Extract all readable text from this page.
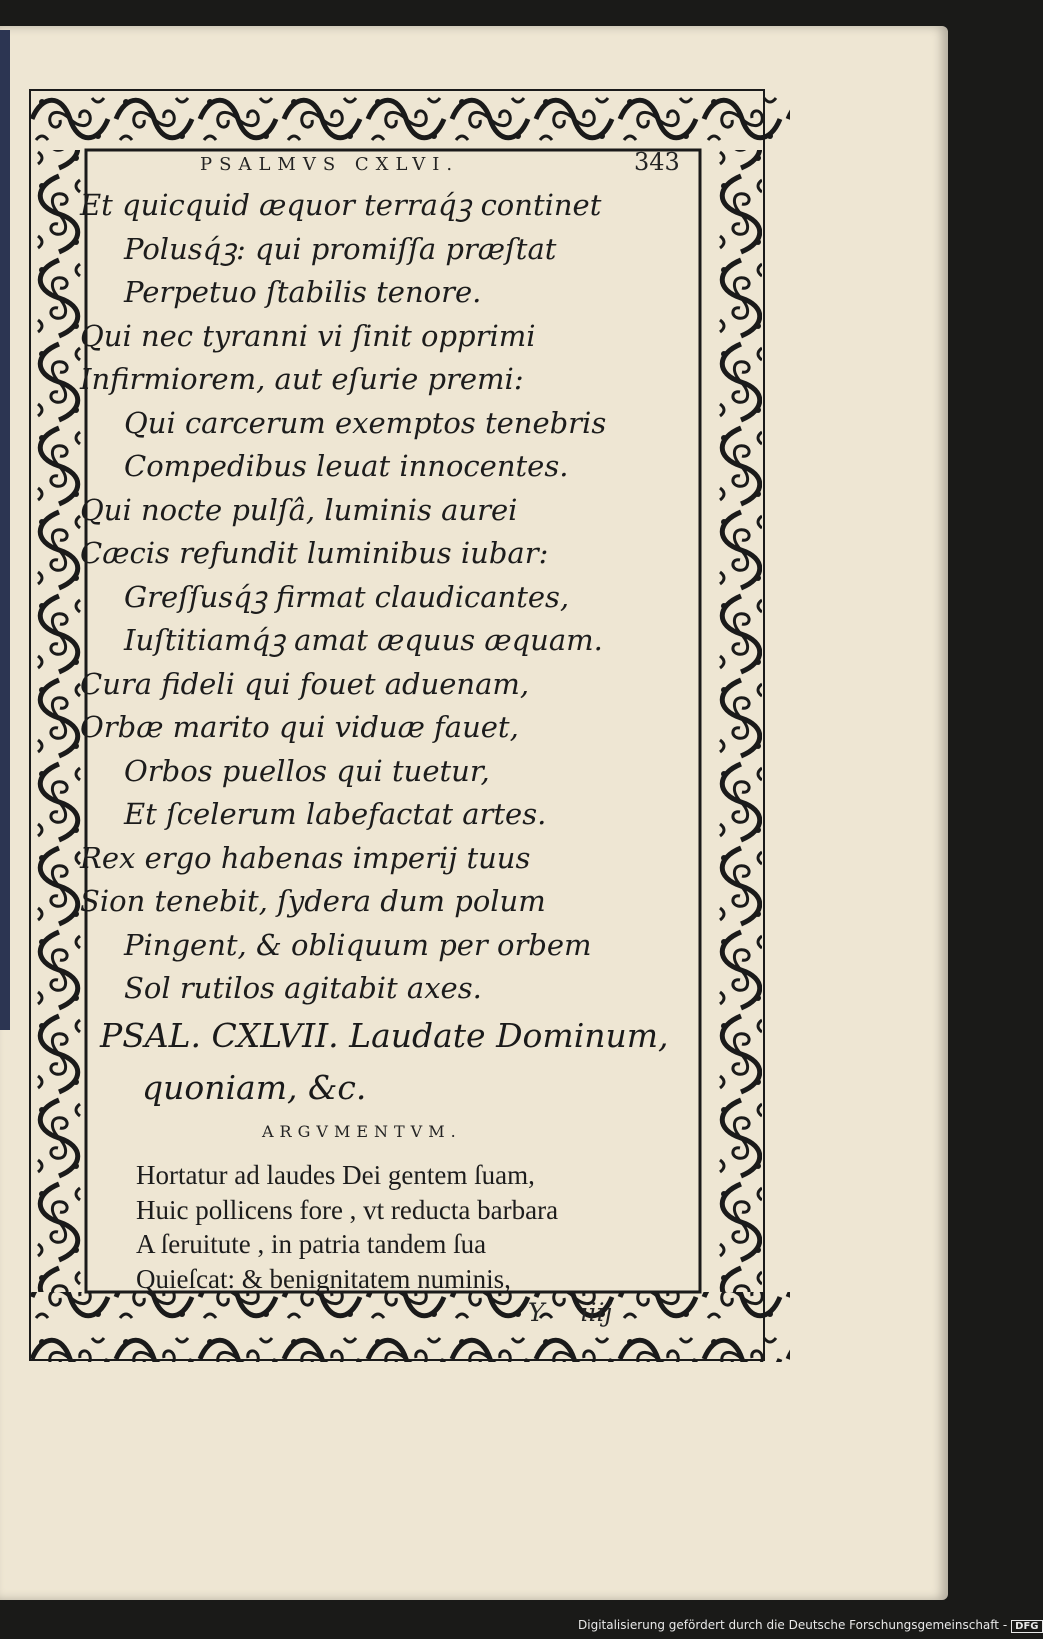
PSALMVS CXLVI.	343
Et quicquid æquor terraq́ꝫ continet
Polusq́ꝫ: qui promiſſa præſtat
Perpetuo ſtabilis tenore.
Qui nec tyranni vi ſinit opprimi
Infirmiorem, aut eſurie premi:
Qui carcerum exemptos tenebris
Compedibus leuat innocentes.
Qui nocte pulſâ, luminis aurei
Cæcis refundit luminibus iubar:
Greſſusq́ꝫ firmat claudicantes,
Iuſtitiamq́ꝫ amat æquus æquam.
Cura fideli qui fouet aduenam,
Orbæ marito qui viduæ fauet,
Orbos puellos qui tuetur,
Et ſcelerum labefactat artes.
Rex ergo habenas imperij tuus
Sion tenebit, ſydera dum polum
Pingent, & obliquum per orbem
Sol rutilos agitabit axes.
PSAL. CXLVII. Laudate Dominum,
quoniam, &c.
ARGVMENTVM.
Hortatur ad laudes Dei gentem ſuam,
Huic pollicens fore , vt reducta barbara
A ſeruitute , in patria tandem ſua
Quieſcat: & benignitatem numinis,
Y iiij
Digitalisierung gefördert durch die Deutsche Forschungsgemeinschaft - DFG
